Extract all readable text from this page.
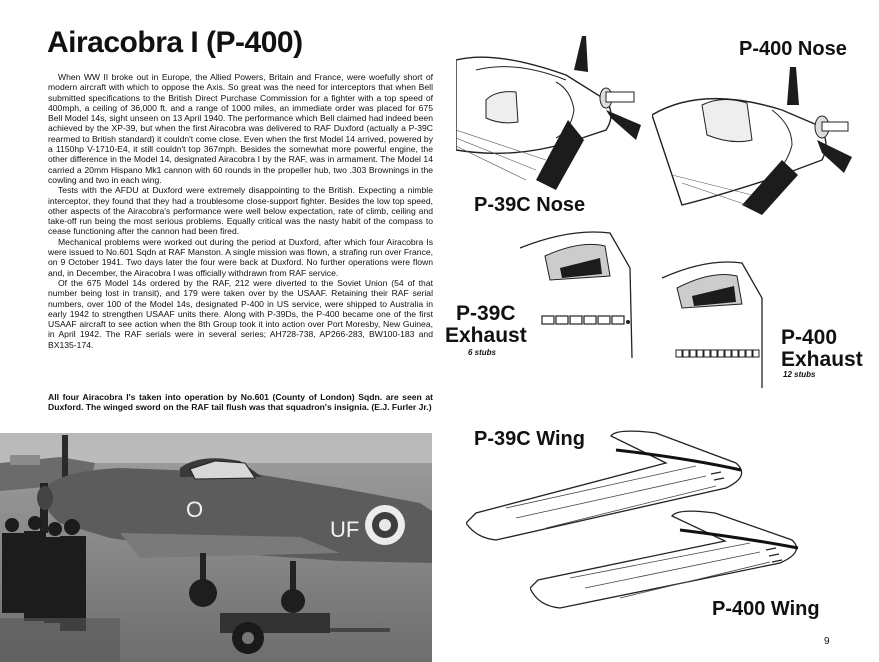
Airacobra I (P-400)

When WW II broke out in Europe, the Allied Powers, Britain and France, were woefully short of modern aircraft with which to oppose the Axis. So great was the need for interceptors that when Bell submitted specifications to the British Direct Purchase Commission for a fighter with a top speed of 400mph, a ceiling of 36,000 ft. and a range of 1000 miles, an immediate order was placed for 675 Bell Model 14s, sight unseen on 13 April 1940. The performance which Bell claimed had indeed been achieved by the XP-39, but when the first Airacobra was delivered to RAF Duxford (actually a P-39C rearmed to British standard) it couldn't come close. Even when the first Model 14 arrived, powered by a 1150hp V-1710-E4, it still couldn't top 367mph. Besides the somewhat more powerful engine, the other difference in the Model 14, designated Airacobra I by the RAF, was in armament. The Model 14 carried a 20mm Hispano Mk1 cannon with 60 rounds in the propeller hub, two .303 Brownings in the cowling and two in each wing.

Tests with the AFDU at Duxford were extremely disappointing to the British. Expecting a nimble interceptor, they found that they had a troublesome close-support fighter. Besides the low top speed, other aspects of the Airacobra's performance were well below expectation, rate of climb, ceiling and take-off run being the most serious problems. Equally critical was the nasty habit of the compass to cease functioning after the cannon had been fired.

Mechanical problems were worked out during the period at Duxford, after which four Airacobra Is were issued to No.601 Sqdn at RAF Manston. A single mission was flown, a strafing run over France, on 9 October 1941. Two days later the four were back at Duxford. No further operations were flown and, in December, the Airacobra I was officially withdrawn from RAF service.

Of the 675 Model 14s ordered by the RAF, 212 were diverted to the Soviet Union (54 of that number being lost in transit), and 179 were taken over by the USAAF. Retaining their RAF serial numbers, over 100 of the Model 14s, designated P-400 in US service, were shipped to Australia in early 1942 to strengthen USAAF units there. Along with P-39Ds, the P-400 became one of the first USAAF aircraft to see action when the 8th Group took it into action over Port Moresby, New Guinea, in April 1942. The RAF serials were in several series; AH728-738, AP266-283, BW100-183 and BX135-174.

All four Airacobra I's taken into operation by No.601 (County of London) Sqdn. are seen at Duxford. The winged sword on the RAF tail flush was that squadron's insignia. (E.J. Furler Jr.)
O
UF
P-400 Nose
P-39C Nose
P-39C
Exhaust
6 stubs
P-400
Exhaust
12 stubs
P-39C Wing
P-400 Wing
9
